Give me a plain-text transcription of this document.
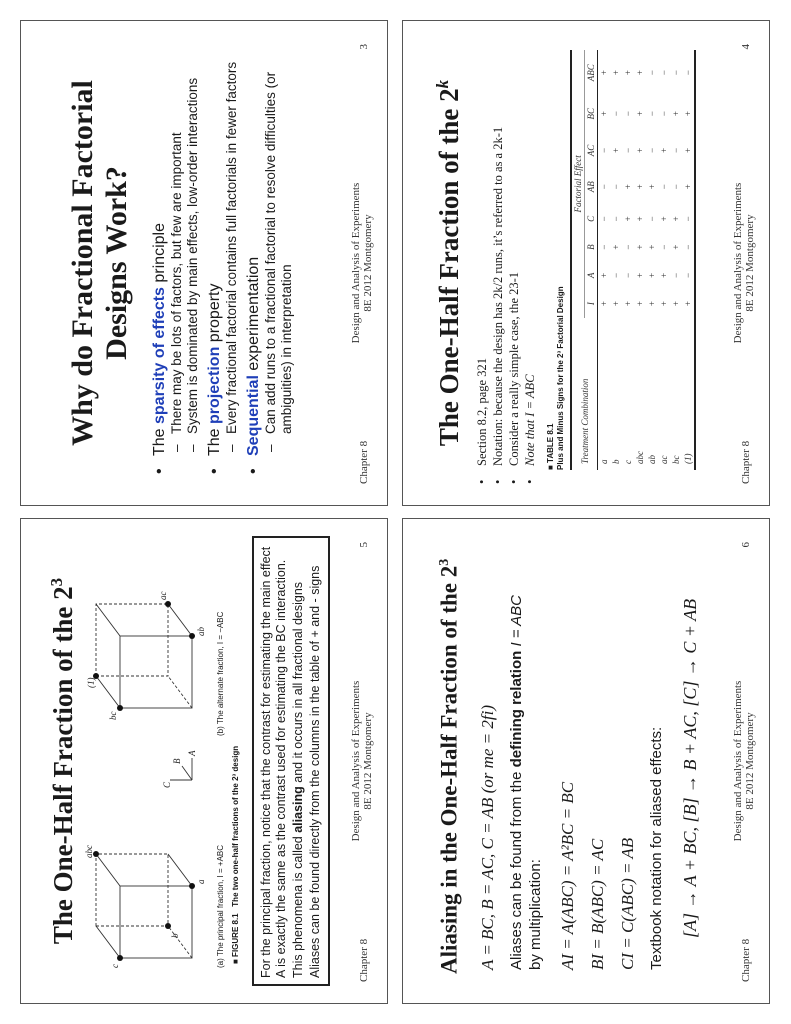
Why do Fractional Factorial
Designs Work?
• The sparsity of effects principle – There may be lots of factors, but few are important – System is dominated by main effects, low-order interactions
• The projection property – Every fractional factorial contains full factorials in fewer factors • Sequential experimentation – Can add runs to a fractional factorial to resolve difficulties (or ambiguities) in interpretation
Chapter 8
Design and Analysis of Experiments
8E 2012 Montgomery
3
The One-Half Fraction of the 2$^k$
• Section 8.2, page 321 • Notation: because the design has 2k/2 runs, it’s referred to as a 2k-1 • Consider a really simple case, the 23-1 • Note that I = ABC ■ TABLE 8.1 Plus and Minus Signs for the 2³ Factorial Design Treatment Combination	Factorial Effect							
	I	A	B	C	AB	AC	BC	ABC
a	+	+	−	−	−	−	+	+
b	+	−	+	−	−	+	−	+
c	+	−	−	+	+	−	−	+
abc	+	+	+	+	+	+	+	+
ab	+	+	+	−	+	−	−	−
ac	+	+	−	+	−	+	−	−
bc	+	−	+	+	−	−	+	−
(1)	+	−	−	−	+	+	+	−
Chapter 8
Design and Analysis of Experiments
8E 2012 Montgomery
4
The One-Half Fraction of the $2^3$
abc
c
b
a
A
B
C
bc
ac
(1)
ab
(a) The principal fraction, I = +ABC
(b) The alternate fraction, I = −ABC
■ FIGURE 8.1   The two one-half fractions of the 2³ design For the principal fraction, notice that the contrast for estimating the main effect A is exactly the same as the contrast used for estimating the BC interaction. This phenomena is called aliasing and it occurs in all fractional designs Aliases can be found directly from the columns in the table of + and - signs	Chapter 8
Design and Analysis of Experiments
8E 2012 Montgomery
5
Aliasing in the One-Half Fraction of the $2^3$
A = BC, B = AC, C = AB (or me = 2fi) Aliases can be found from the defining relation I = ABC
by multiplication: AI = A(ABC) = A²BC = BC BI = B(ABC) = AC CI = C(ABC) = AB Textbook notation for aliased effects: [A] → A + BC, [B] → B + AC, [C] → C + AB
Chapter 8
Design and Analysis of Experiments
8E 2012 Montgomery
6
